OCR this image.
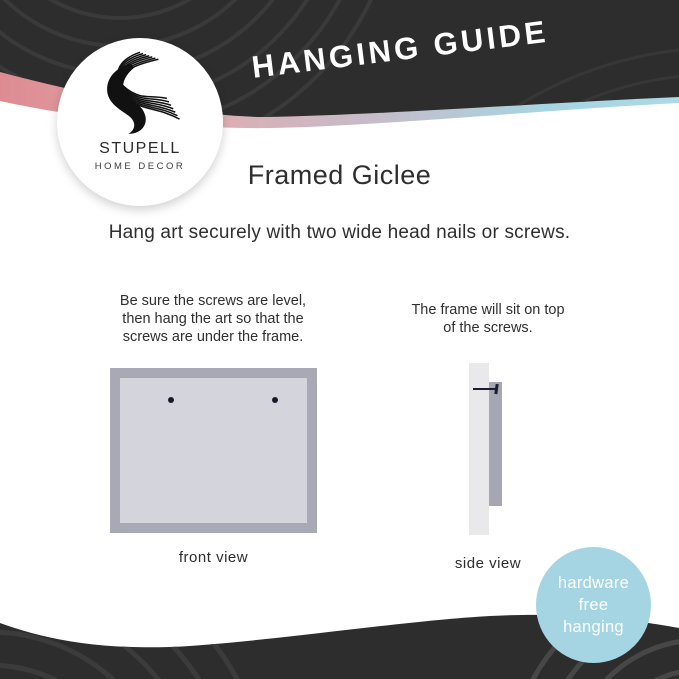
HANGING GUIDE
STUPELL
HOME DECOR	Framed Giclee
Hang art securely with two wide head nails or screws.
Be sure the screws are level,
then hang the art so that the
screws are under the frame.
front view
The frame will sit on top
of the screws.
side view
hardware
free
hanging
